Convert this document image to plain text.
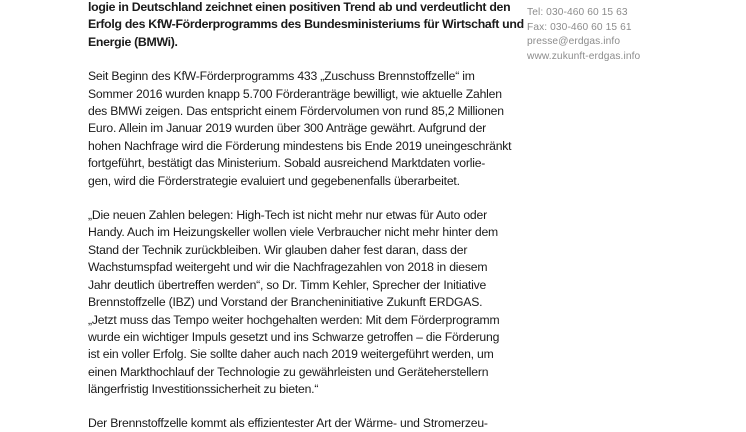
logie in Deutschland zeichnet einen positiven Trend ab und verdeutlicht den
Erfolg des KfW-Förderprogramms des Bundesministeriums für Wirtschaft und
Energie (BMWi).
Seit Beginn des KfW-Förderprogramms 433 „Zuschuss Brennstoffzelle“ im
Sommer 2016 wurden knapp 5.700 Förderanträge bewilligt, wie aktuelle Zahlen
des BMWi zeigen. Das entspricht einem Fördervolumen von rund 85,2 Millionen
Euro. Allein im Januar 2019 wurden über 300 Anträge gewährt. Aufgrund der
hohen Nachfrage wird die Förderung mindestens bis Ende 2019 uneingeschränkt
fortgeführt, bestätigt das Ministerium. Sobald ausreichend Marktdaten vorlie-
gen, wird die Förderstrategie evaluiert und gegebenenfalls überarbeitet.
„Die neuen Zahlen belegen: High-Tech ist nicht mehr nur etwas für Auto oder
Handy. Auch im Heizungskeller wollen viele Verbraucher nicht mehr hinter dem
Stand der Technik zurückbleiben. Wir glauben daher fest daran, dass der
Wachstumspfad weitergeht und wir die Nachfragezahlen von 2018 in diesem
Jahr deutlich übertreffen werden“, so Dr. Timm Kehler, Sprecher der Initiative
Brennstoffzelle (IBZ) und Vorstand der Brancheninitiative Zukunft ERDGAS.
„Jetzt muss das Tempo weiter hochgehalten werden: Mit dem Förderprogramm
wurde ein wichtiger Impuls gesetzt und ins Schwarze getroffen – die Förderung
ist ein voller Erfolg. Sie sollte daher auch nach 2019 weitergeführt werden, um
einen Markthochlauf der Technologie zu gewährleisten und Geräteherstellern
längerfristig Investitionssicherheit zu bieten.“
Der Brennstoffzelle kommt als effizientester Art der Wärme- und Stromerzeu-
Tel: 030-460 60 15 63
Fax: 030-460 60 15 61
presse@erdgas.info
www.zukunft-erdgas.info
